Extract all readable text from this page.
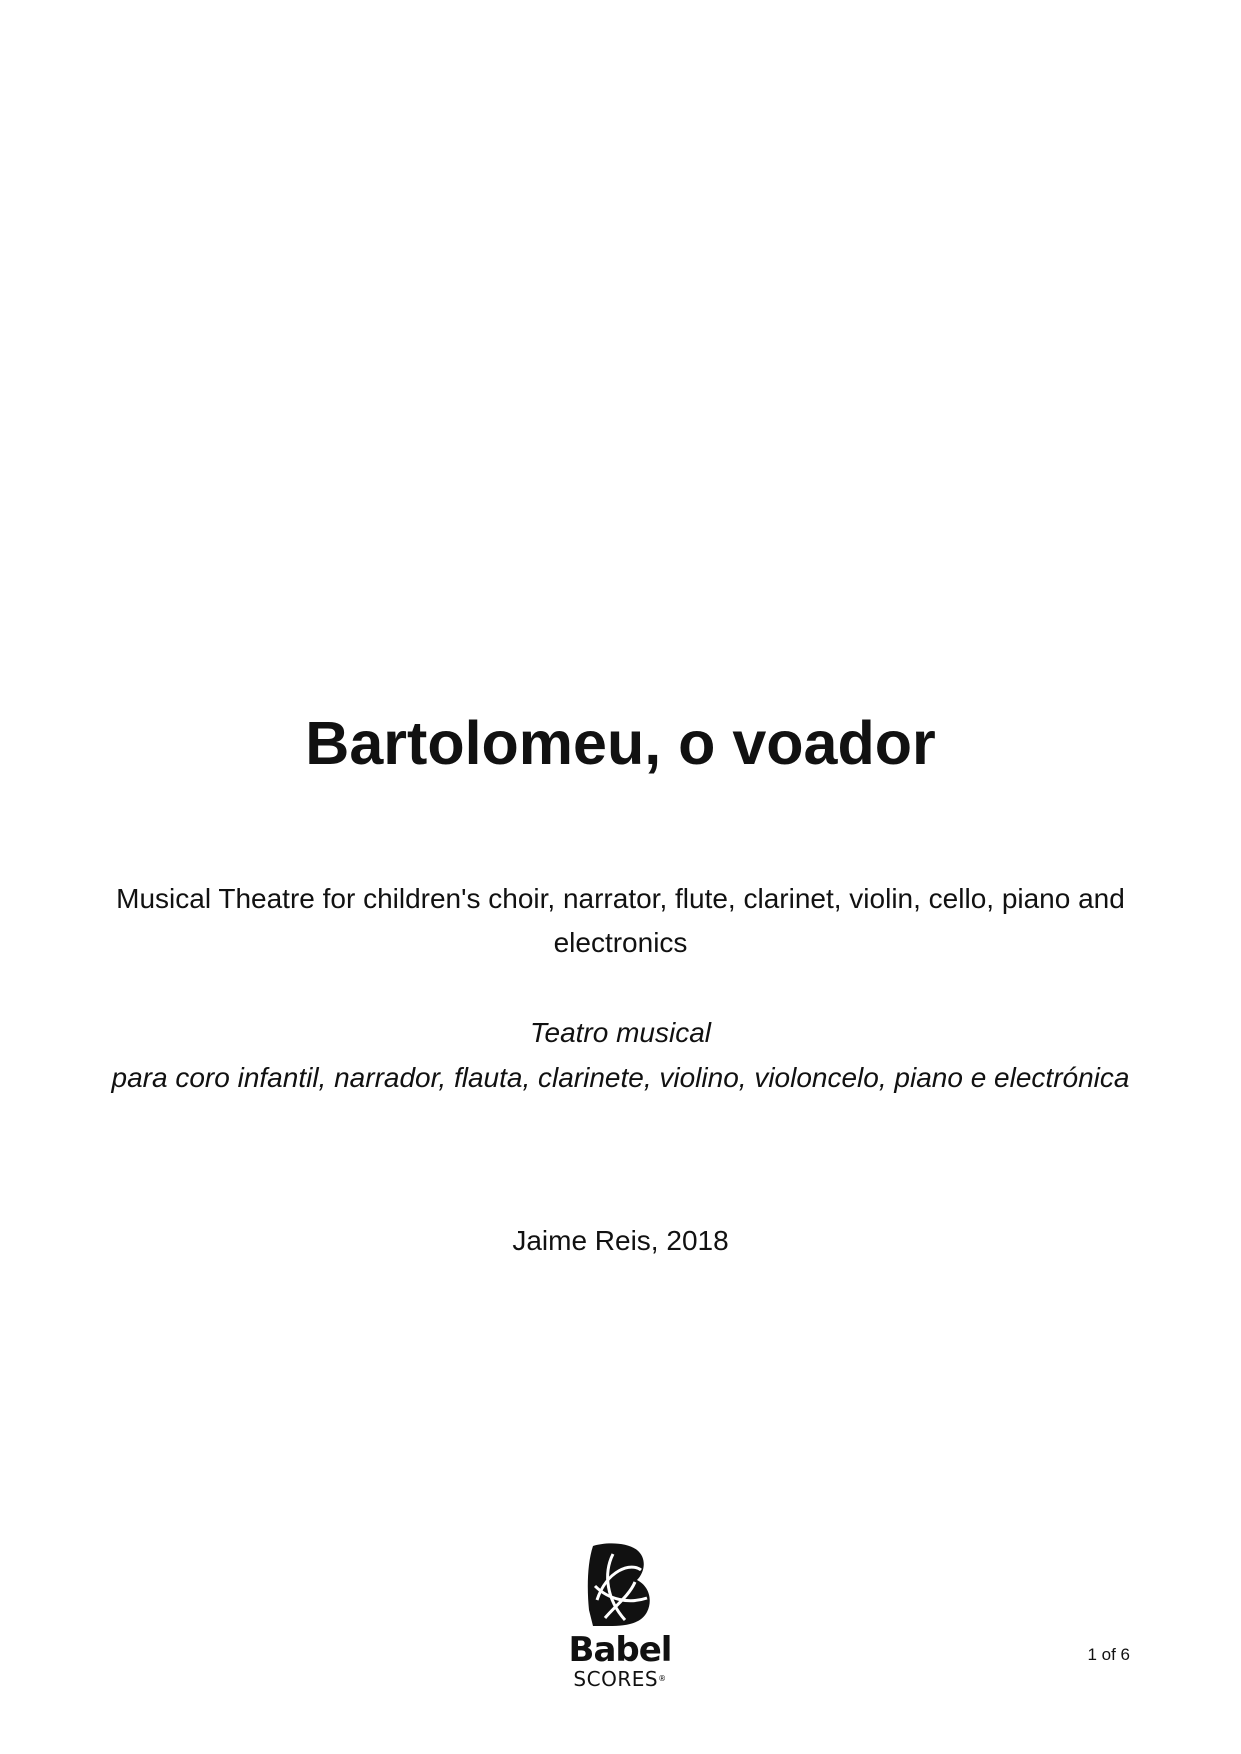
Bartolomeu, o voador
Musical Theatre for children's choir, narrator, flute, clarinet, violin, cello, piano and electronics
Teatro musical
para coro infantil, narrador, flauta, clarinete, violino, violoncelo, piano e electrónica
Jaime Reis, 2018
Babel
SCORES®
1 of 6
